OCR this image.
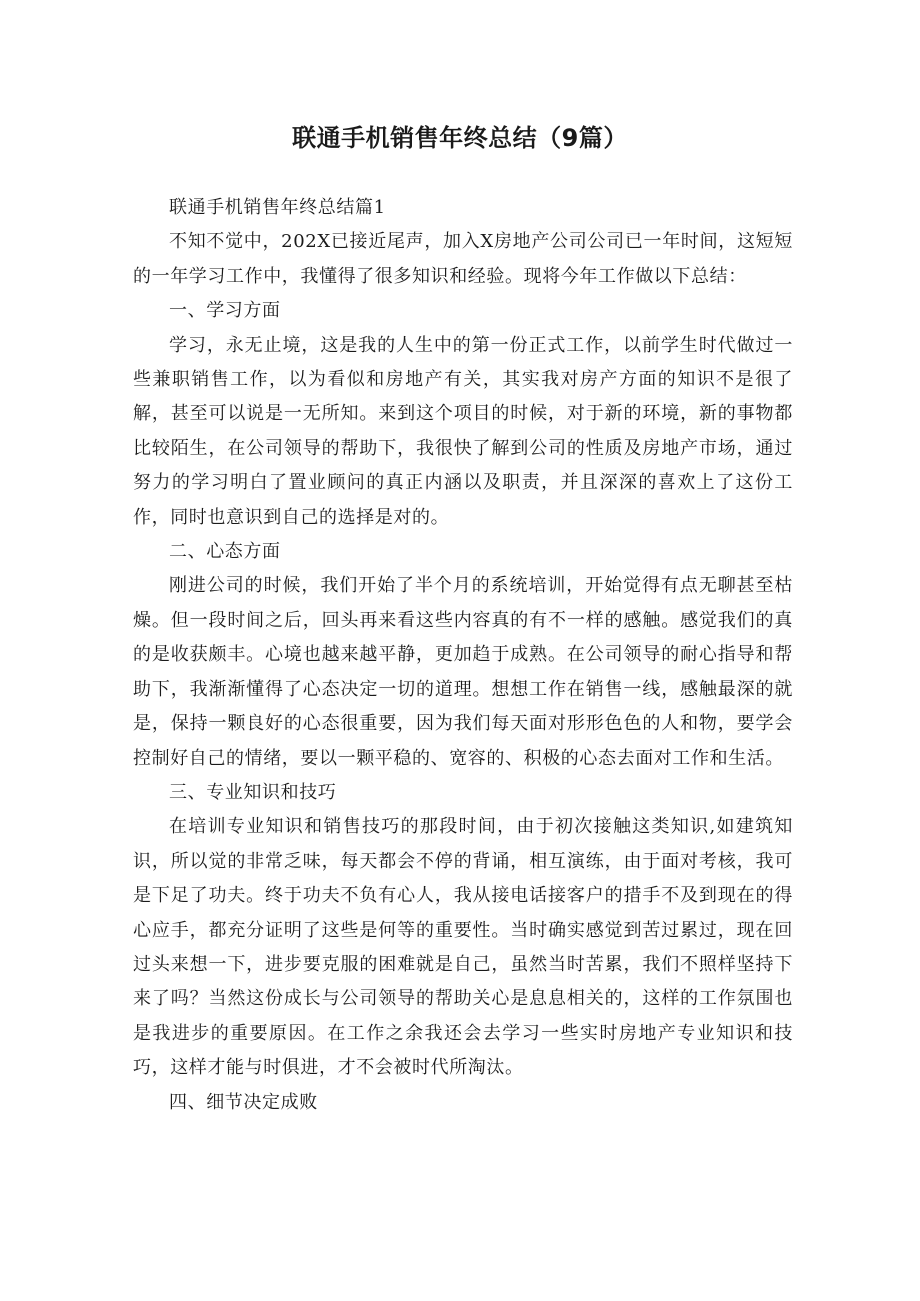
联通手机销售年终总结（9篇）

联通手机销售年终总结篇1

不知不觉中，202X已接近尾声，加入X房地产公司公司已一年时间，这短短的一年学习工作中，我懂得了很多知识和经验。现将今年工作做以下总结：

一、学习方面

学习，永无止境，这是我的人生中的第一份正式工作，以前学生时代做过一些兼职销售工作，以为看似和房地产有关，其实我对房产方面的知识不是很了解，甚至可以说是一无所知。来到这个项目的时候，对于新的环境，新的事物都比较陌生，在公司领导的帮助下，我很快了解到公司的性质及房地产市场，通过努力的学习明白了置业顾问的真正内涵以及职责，并且深深的喜欢上了这份工作，同时也意识到自己的选择是对的。

二、心态方面

刚进公司的时候，我们开始了半个月的系统培训，开始觉得有点无聊甚至枯燥。但一段时间之后，回头再来看这些内容真的有不一样的感触。感觉我们的真的是收获颇丰。心境也越来越平静，更加趋于成熟。在公司领导的耐心指导和帮助下，我渐渐懂得了心态决定一切的道理。想想工作在销售一线，感触最深的就是，保持一颗良好的心态很重要，因为我们每天面对形形色色的人和物，要学会控制好自己的情绪，要以一颗平稳的、宽容的、积极的心态去面对工作和生活。

三、专业知识和技巧

在培训专业知识和销售技巧的那段时间，由于初次接触这类知识,如建筑知识，所以觉的非常乏味，每天都会不停的背诵，相互演练，由于面对考核，我可是下足了功夫。终于功夫不负有心人，我从接电话接客户的措手不及到现在的得心应手，都充分证明了这些是何等的重要性。当时确实感觉到苦过累过，现在回过头来想一下，进步要克服的困难就是自己，虽然当时苦累，我们不照样坚持下来了吗？当然这份成长与公司领导的帮助关心是息息相关的，这样的工作氛围也是我进步的重要原因。在工作之余我还会去学习一些实时房地产专业知识和技巧，这样才能与时俱进，才不会被时代所淘汰。

四、细节决定成败
